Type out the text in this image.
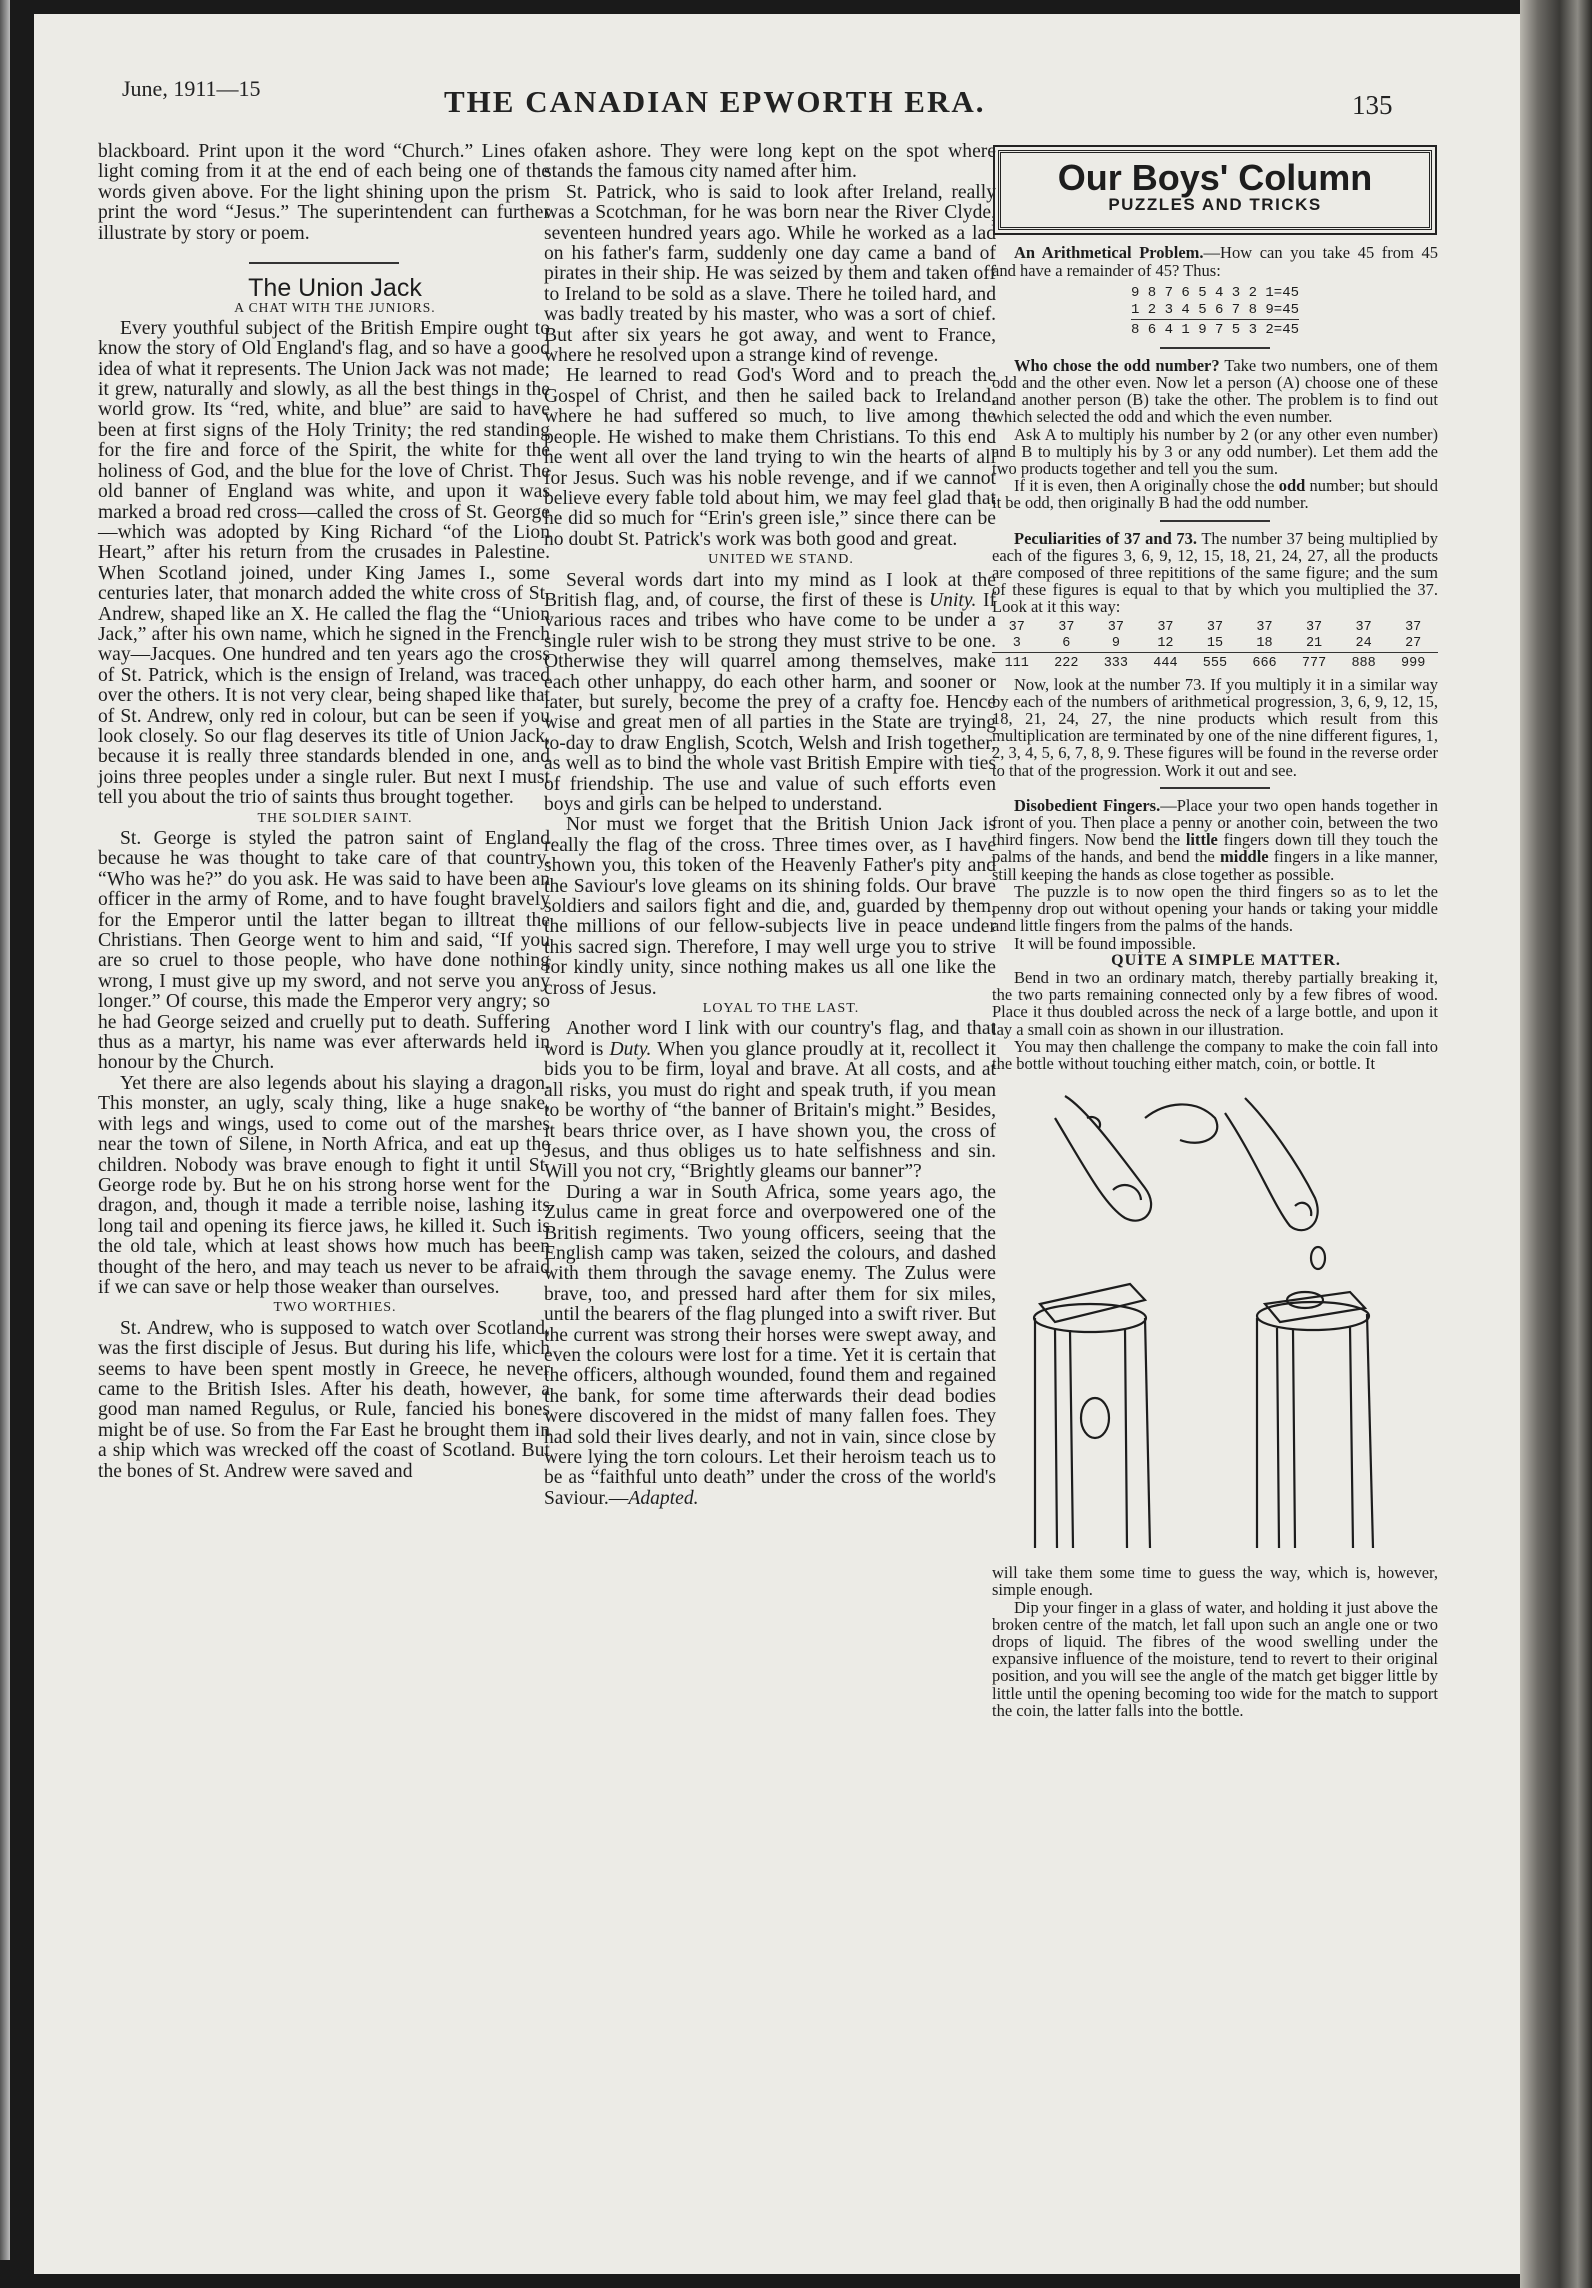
June, 1911—15	THE CANADIAN EPWORTH ERA.	135

blackboard. Print upon it the word “Church.” Lines of light coming from it at the end of each being one of the words given above. For the light shining upon the prism print the word “Jesus.” The superintendent can further illustrate by story or poem.

The Union Jack

A CHAT WITH THE JUNIORS.

Every youthful subject of the British Empire ought to know the story of Old England's flag, and so have a good idea of what it represents. The Union Jack was not made; it grew, naturally and slowly, as all the best things in the world grow. Its “red, white, and blue” are said to have been at first signs of the Holy Trinity; the red standing for the fire and force of the Spirit, the white for the holiness of God, and the blue for the love of Christ. The old banner of England was white, and upon it was marked a broad red cross—called the cross of St. George—which was adopted by King Richard “of the Lion Heart,” after his return from the crusades in Palestine. When Scotland joined, under King James I., some centuries later, that monarch added the white cross of St. Andrew, shaped like an X. He called the flag the “Union Jack,” after his own name, which he signed in the French way—Jacques. One hundred and ten years ago the cross of St. Patrick, which is the ensign of Ireland, was traced over the others. It is not very clear, being shaped like that of St. Andrew, only red in colour, but can be seen if you look closely. So our flag deserves its title of Union Jack, because it is really three standards blended in one, and joins three peoples under a single ruler. But next I must tell you about the trio of saints thus brought together.

THE SOLDIER SAINT.

St. George is styled the patron saint of England because he was thought to take care of that country. “Who was he?” do you ask. He was said to have been an officer in the army of Rome, and to have fought bravely for the Emperor until the latter began to illtreat the Christians. Then George went to him and said, “If you are so cruel to those people, who have done nothing wrong, I must give up my sword, and not serve you any longer.” Of course, this made the Emperor very angry; so he had George seized and cruelly put to death. Suffering thus as a martyr, his name was ever afterwards held in honour by the Church.

Yet there are also legends about his slaying a dragon. This monster, an ugly, scaly thing, like a huge snake, with legs and wings, used to come out of the marshes near the town of Silene, in North Africa, and eat up the children. Nobody was brave enough to fight it until St. George rode by. But he on his strong horse went for the dragon, and, though it made a terrible noise, lashing its long tail and opening its fierce jaws, he killed it. Such is the old tale, which at least shows how much has been thought of the hero, and may teach us never to be afraid if we can save or help those weaker than ourselves.

TWO WORTHIES.

St. Andrew, who is supposed to watch over Scotland, was the first disciple of Jesus. But during his life, which seems to have been spent mostly in Greece, he never came to the British Isles. After his death, however, a good man named Regulus, or Rule, fancied his bones might be of use. So from the Far East he brought them in a ship which was wrecked off the coast of Scotland. But the bones of St. Andrew were saved and

taken ashore. They were long kept on the spot where stands the famous city named after him.

St. Patrick, who is said to look after Ireland, really was a Scotchman, for he was born near the River Clyde, seventeen hundred years ago. While he worked as a lad on his father's farm, suddenly one day came a band of pirates in their ship. He was seized by them and taken off to Ireland to be sold as a slave. There he toiled hard, and was badly treated by his master, who was a sort of chief. But after six years he got away, and went to France, where he resolved upon a strange kind of revenge.

He learned to read God's Word and to preach the Gospel of Christ, and then he sailed back to Ireland, where he had suffered so much, to live among the people. He wished to make them Christians. To this end he went all over the land trying to win the hearts of all for Jesus. Such was his noble revenge, and if we cannot believe every fable told about him, we may feel glad that he did so much for “Erin's green isle,” since there can be no doubt St. Patrick's work was both good and great.

UNITED WE STAND.

Several words dart into my mind as I look at the British flag, and, of course, the first of these is Unity. If various races and tribes who have come to be under a single ruler wish to be strong they must strive to be one. Otherwise they will quarrel among themselves, make each other unhappy, do each other harm, and sooner or later, but surely, become the prey of a crafty foe. Hence wise and great men of all parties in the State are trying to-day to draw English, Scotch, Welsh and Irish together, as well as to bind the whole vast British Empire with ties of friendship. The use and value of such efforts even boys and girls can be helped to understand.

Nor must we forget that the British Union Jack is really the flag of the cross. Three times over, as I have shown you, this token of the Heavenly Father's pity and the Saviour's love gleams on its shining folds. Our brave soldiers and sailors fight and die, and, guarded by them, the millions of our fellow-subjects live in peace under this sacred sign. Therefore, I may well urge you to strive for kindly unity, since nothing makes us all one like the cross of Jesus.

LOYAL TO THE LAST.

Another word I link with our country's flag, and that word is Duty. When you glance proudly at it, recollect it bids you to be firm, loyal and brave. At all costs, and at all risks, you must do right and speak truth, if you mean to be worthy of “the banner of Britain's might.” Besides, it bears thrice over, as I have shown you, the cross of Jesus, and thus obliges us to hate selfishness and sin. Will you not cry, “Brightly gleams our banner”?

During a war in South Africa, some years ago, the Zulus came in great force and overpowered one of the British regiments. Two young officers, seeing that the English camp was taken, seized the colours, and dashed with them through the savage enemy. The Zulus were brave, too, and pressed hard after them for six miles, until the bearers of the flag plunged into a swift river. But the current was strong their horses were swept away, and even the colours were lost for a time. Yet it is certain that the officers, although wounded, found them and regained the bank, for some time afterwards their dead bodies were discovered in the midst of many fallen foes. They had sold their lives dearly, and not in vain, since close by were lying the torn colours. Let their heroism teach us to be as “faithful unto death” under the cross of the world's Saviour.—Adapted.

Our Boys' Column
PUZZLES AND TRICKS

An Arithmetical Problem.—How can you take 45 from 45 and have a remainder of 45? Thus:

9 8 7 6 5 4 3 2 1=45
1 2 3 4 5 6 7 8 9=45
8 6 4 1 9 7 5 3 2=45

Who chose the odd number? Take two numbers, one of them odd and the other even. Now let a person (A) choose one of these and another person (B) take the other. The problem is to find out which selected the odd and which the even number.

Ask A to multiply his number by 2 (or any other even number) and B to multiply his by 3 or any odd number). Let them add the two products together and tell you the sum.

If it is even, then A originally chose the odd number; but should it be odd, then originally B had the odd number.

Peculiarities of 37 and 73. The number 37 being multiplied by each of the figures 3, 6, 9, 12, 15, 18, 21, 24, 27, all the products are composed of three repititions of the same figure; and the sum of these figures is equal to that by which you multiplied the 37. Look at it this way:

37	37	37	37	37	37	37	37	37
3	6	9	12	15	18	21	24	27
111	222	333	444	555	666	777	888	999

Now, look at the number 73. If you multiply it in a similar way by each of the numbers of arithmetical progression, 3, 6, 9, 12, 15, 18, 21, 24, 27, the nine products which result from this multiplication are terminated by one of the nine different figures, 1, 2, 3, 4, 5, 6, 7, 8, 9. These figures will be found in the reverse order to that of the progression. Work it out and see.

Disobedient Fingers.—Place your two open hands together in front of you. Then place a penny or another coin, between the two third fingers. Now bend the little fingers down till they touch the palms of the hands, and bend the middle fingers in a like manner, still keeping the hands as close together as possible.

The puzzle is to now open the third fingers so as to let the penny drop out without opening your hands or taking your middle and little fingers from the palms of the hands.

It will be found impossible.

QUITE A SIMPLE MATTER.

Bend in two an ordinary match, thereby partially breaking it, the two parts remaining connected only by a few fibres of wood. Place it thus doubled across the neck of a large bottle, and upon it lay a small coin as shown in our illustration.

You may then challenge the company to make the coin fall into the bottle without touching either match, coin, or bottle. It

will take them some time to guess the way, which is, however, simple enough.

Dip your finger in a glass of water, and holding it just above the broken centre of the match, let fall upon such an angle one or two drops of liquid. The fibres of the wood swelling under the expansive influence of the moisture, tend to revert to their original position, and you will see the angle of the match get bigger little by little until the opening becoming too wide for the match to support the coin, the latter falls into the bottle.
